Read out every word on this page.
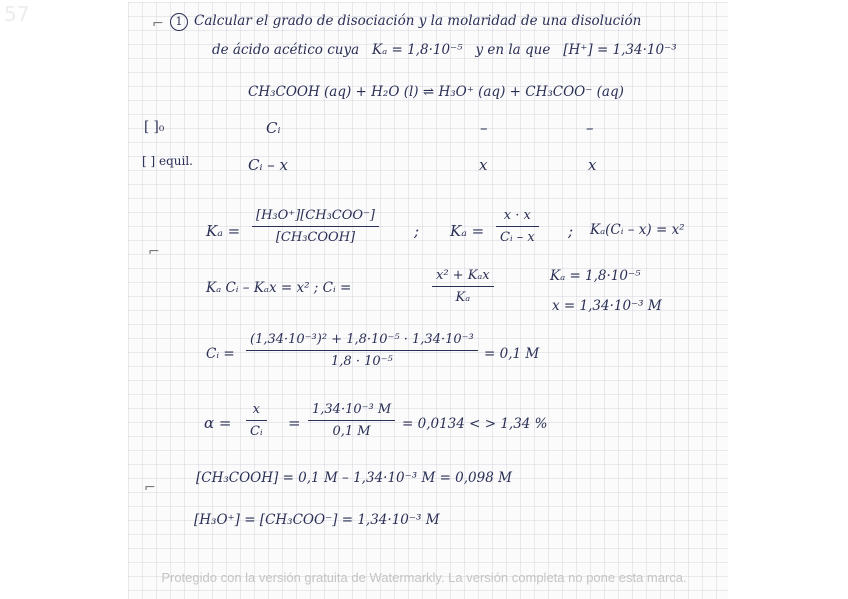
57	⌐	1 Calcular el grado de disociación y la molaridad de una disolución
de ácido acético cuya Kₐ = 1,8·10⁻⁵ y en la que [H⁺] = 1,34·10⁻³
CH₃COOH (aq) + H₂O (l) ⇌ H₃O⁺ (aq) + CH₃COO⁻ (aq)
[ ]₀	Cᵢ	–	–
[ ] equil.	Cᵢ – x	x	x
⌐
Kₐ =
[H₃O⁺][CH₃COO⁻]
[CH₃COOH]	; Kₐ =
x · x
Cᵢ – x ; Kₐ(Cᵢ – x) = x²
Kₐ Cᵢ – Kₐx = x² ; Cᵢ =
x² + Kₐx
Kₐ
Kₐ = 1,8·10⁻⁵
x = 1,34·10⁻³ M
Cᵢ =
(1,34·10⁻³)² + 1,8·10⁻⁵ · 1,34·10⁻³
1,8 · 10⁻⁵	= 0,1 M
α =
x
Cᵢ =
1,34·10⁻³ M
0,1 M = 0,0134 < > 1,34 %
⌐
[CH₃COOH] = 0,1 M – 1,34·10⁻³ M = 0,098 M
[H₃O⁺] = [CH₃COO⁻] = 1,34·10⁻³ M
Protegido con la versión gratuita de Watermarkly. La versión completa no pone esta marca.
